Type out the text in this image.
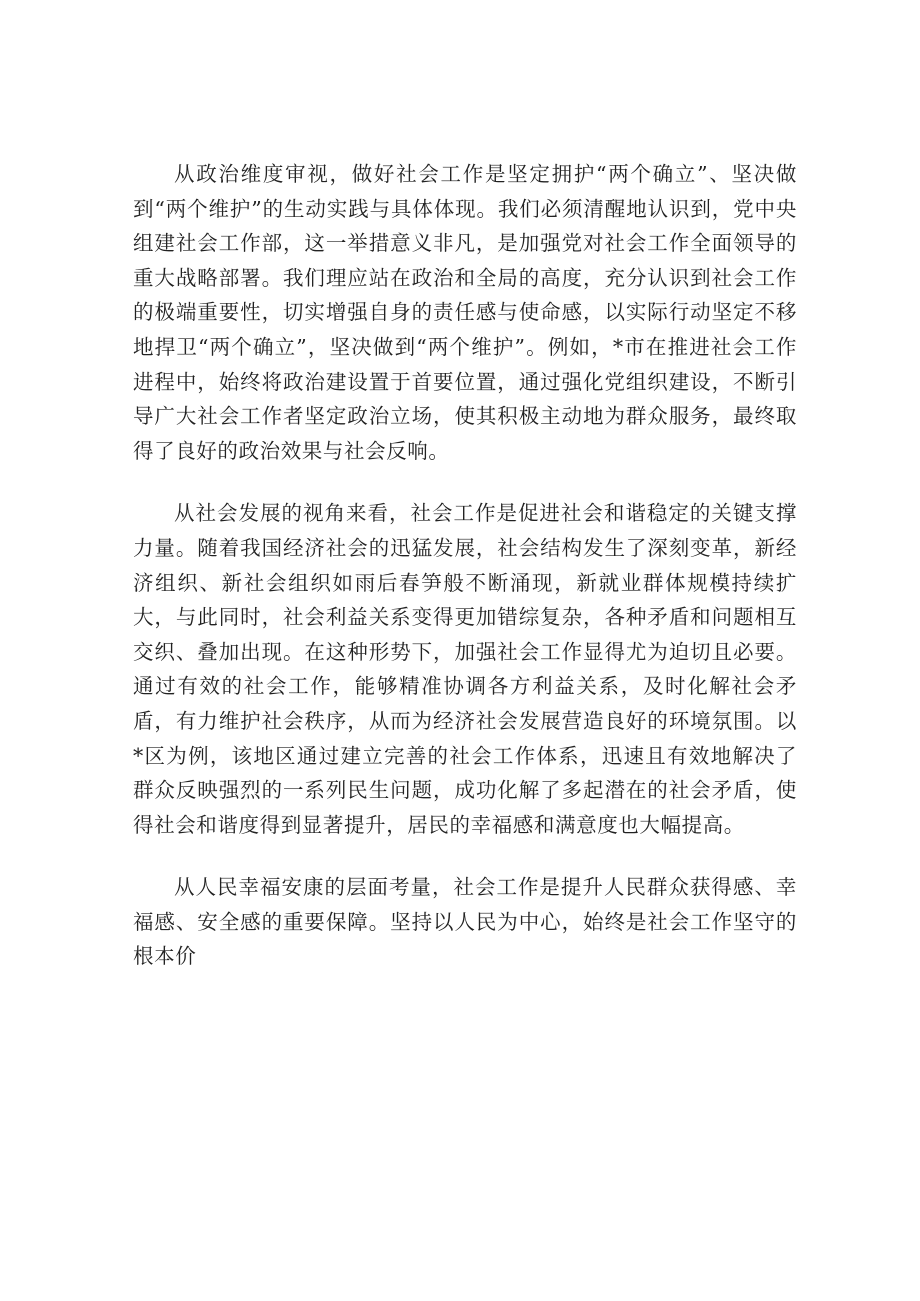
从政治维度审视，做好社会工作是坚定拥护“两个确立”、坚决做到“两个维护”的生动实践与具体体现。我们必须清醒地认识到，党中央组建社会工作部，这一举措意义非凡，是加强党对社会工作全面领导的重大战略部署。我们理应站在政治和全局的高度，充分认识到社会工作的极端重要性，切实增强自身的责任感与使命感，以实际行动坚定不移地捍卫“两个确立”，坚决做到“两个维护”。例如，*市在推进社会工作进程中，始终将政治建设置于首要位置，通过强化党组织建设，不断引导广大社会工作者坚定政治立场，使其积极主动地为群众服务，最终取得了良好的政治效果与社会反响。

从社会发展的视角来看，社会工作是促进社会和谐稳定的关键支撑力量。随着我国经济社会的迅猛发展，社会结构发生了深刻变革，新经济组织、新社会组织如雨后春笋般不断涌现，新就业群体规模持续扩大，与此同时，社会利益关系变得更加错综复杂，各种矛盾和问题相互交织、叠加出现。在这种形势下，加强社会工作显得尤为迫切且必要。通过有效的社会工作，能够精准协调各方利益关系，及时化解社会矛盾，有力维护社会秩序，从而为经济社会发展营造良好的环境氛围。以*区为例，该地区通过建立完善的社会工作体系，迅速且有效地解决了群众反映强烈的一系列民生问题，成功化解了多起潜在的社会矛盾，使得社会和谐度得到显著提升，居民的幸福感和满意度也大幅提高。

从人民幸福安康的层面考量，社会工作是提升人民群众获得感、幸福感、安全感的重要保障。坚持以人民为中心，始终是社会工作坚守的根本价
